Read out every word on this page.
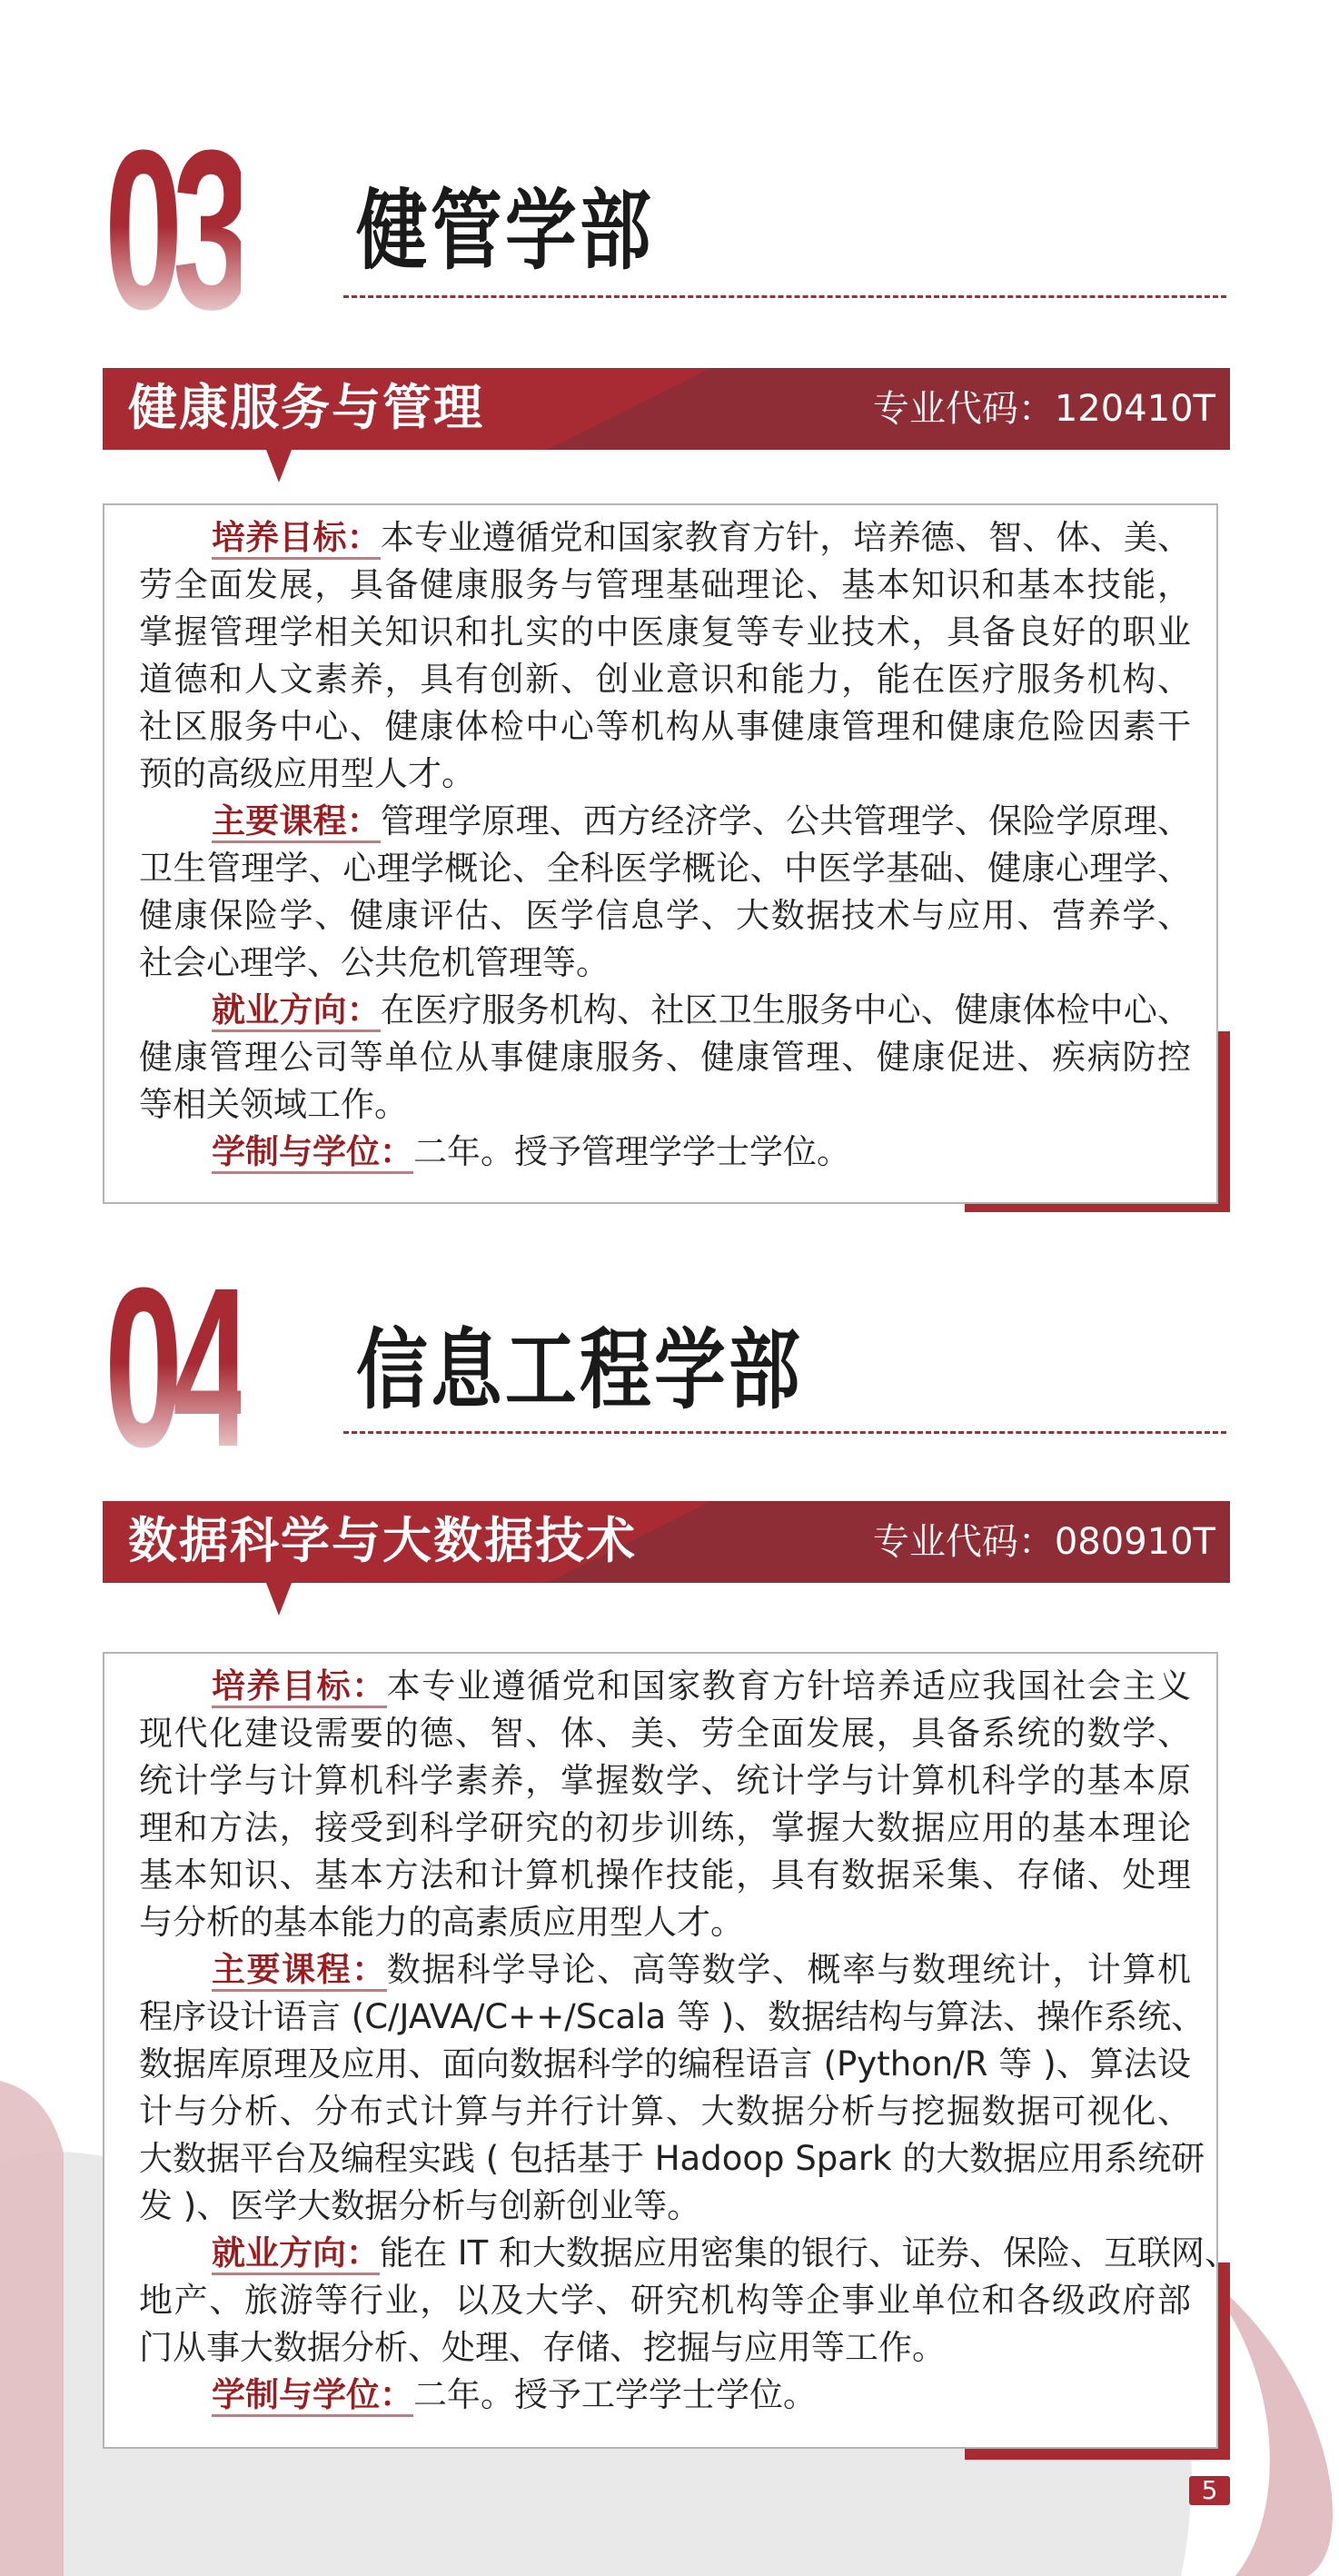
03 健管学部
健康服务与管理	专业代码：120410T
培养目标：本专业遵循党和国家教育方针，培养德、智、体、美、
劳全面发展，具备健康服务与管理基础理论、基本知识和基本技能，
掌握管理学相关知识和扎实的中医康复等专业技术，具备良好的职业
道德和人文素养，具有创新、创业意识和能力，能在医疗服务机构、
社区服务中心、健康体检中心等机构从事健康管理和健康危险因素干
预的高级应用型人才。
主要课程：管理学原理、西方经济学、公共管理学、保险学原理、
卫生管理学、心理学概论、全科医学概论、中医学基础、健康心理学、
健康保险学、健康评估、医学信息学、大数据技术与应用、营养学、
社会心理学、公共危机管理等。
就业方向：在医疗服务机构、社区卫生服务中心、健康体检中心、
健康管理公司等单位从事健康服务、健康管理、健康促进、疾病防控
等相关领域工作。
学制与学位：二年。授予管理学学士学位。
04 信息工程学部
数据科学与大数据技术	专业代码：080910T
培养目标：本专业遵循党和国家教育方针培养适应我国社会主义
现代化建设需要的德、智、体、美、劳全面发展，具备系统的数学、
统计学与计算机科学素养，掌握数学、统计学与计算机科学的基本原
理和方法，接受到科学研究的初步训练，掌握大数据应用的基本理论
基本知识、基本方法和计算机操作技能，具有数据采集、存储、处理
与分析的基本能力的高素质应用型人才。
主要课程：数据科学导论、高等数学、概率与数理统计，计算机
程序设计语言 (C/JAVA/C++/Scala 等 )、数据结构与算法、操作系统、
数据库原理及应用、面向数据科学的编程语言 (Python/R 等 )、算法设
计与分析、分布式计算与并行计算、大数据分析与挖掘数据可视化、
大数据平台及编程实践 ( 包括基于 Hadoop Spark 的大数据应用系统研
发 )、医学大数据分析与创新创业等。
就业方向：能在 IT 和大数据应用密集的银行、证券、保险、互联网、
地产、旅游等行业，以及大学、研究机构等企事业单位和各级政府部
门从事大数据分析、处理、存储、挖掘与应用等工作。
学制与学位：二年。授予工学学士学位。
5
